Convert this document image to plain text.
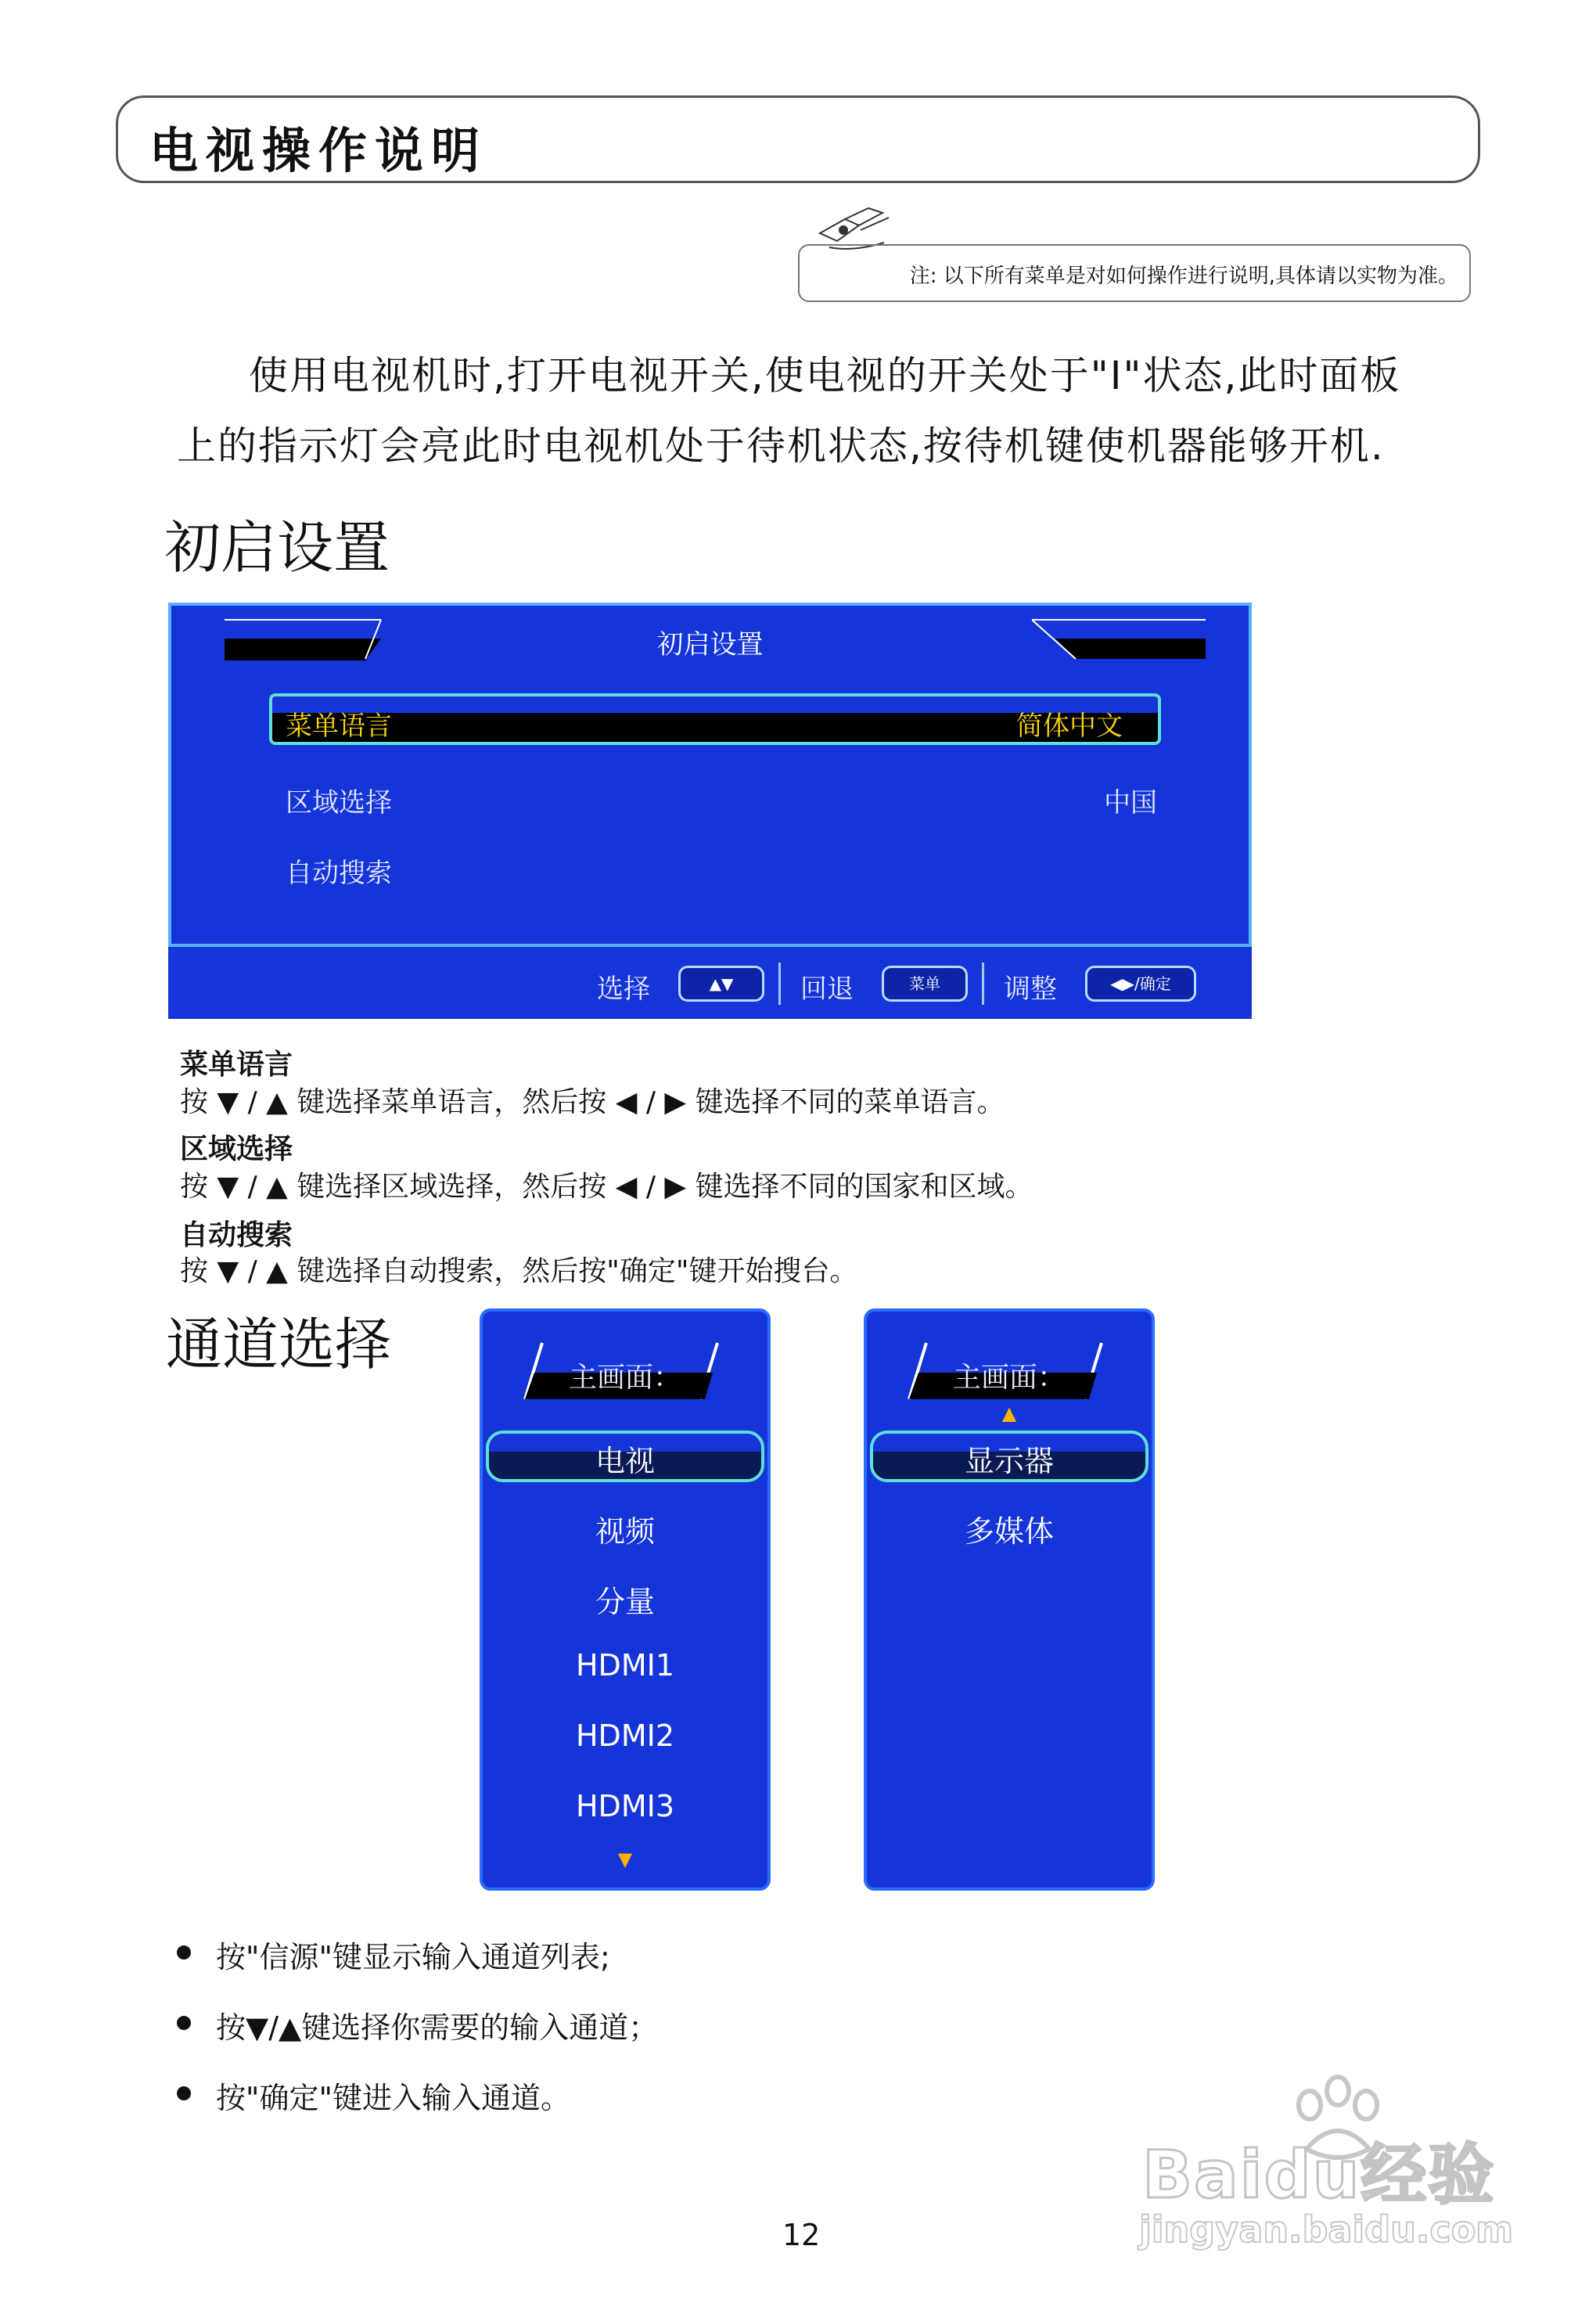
电视操作说明
注: 以下所有菜单是对如何操作进行说明,具体请以实物为准。
使用电视机时,打开电视开关,使电视的开关处于"I"状态,此时面板
上的指示灯会亮此时电视机处于待机状态,按待机键使机器能够开机.
初启设置
初启设置
菜单语言	简体中文
区域选择	中国
自动搜索
选择	▲▼	回退	菜单	调整	◀▶/确定
菜单语言
按 ▼ / ▲ 键选择菜单语言，然后按 ◀ / ▶ 键选择不同的菜单语言。
区域选择
按 ▼ / ▲ 键选择区域选择，然后按 ◀ / ▶ 键选择不同的国家和区域。
自动搜索
按 ▼ / ▲ 键选择自动搜索，然后按"确定"键开始搜台。
通道选择
主画面：
电视
视频
分量
HDMI1
HDMI2
HDMI3
▼
主画面：
▲
显示器
多媒体
按"信源"键显示输入通道列表;
按▼/▲键选择你需要的输入通道；
按"确定"键进入输入通道。
Baidu经验
jingyan.baidu.com
12
